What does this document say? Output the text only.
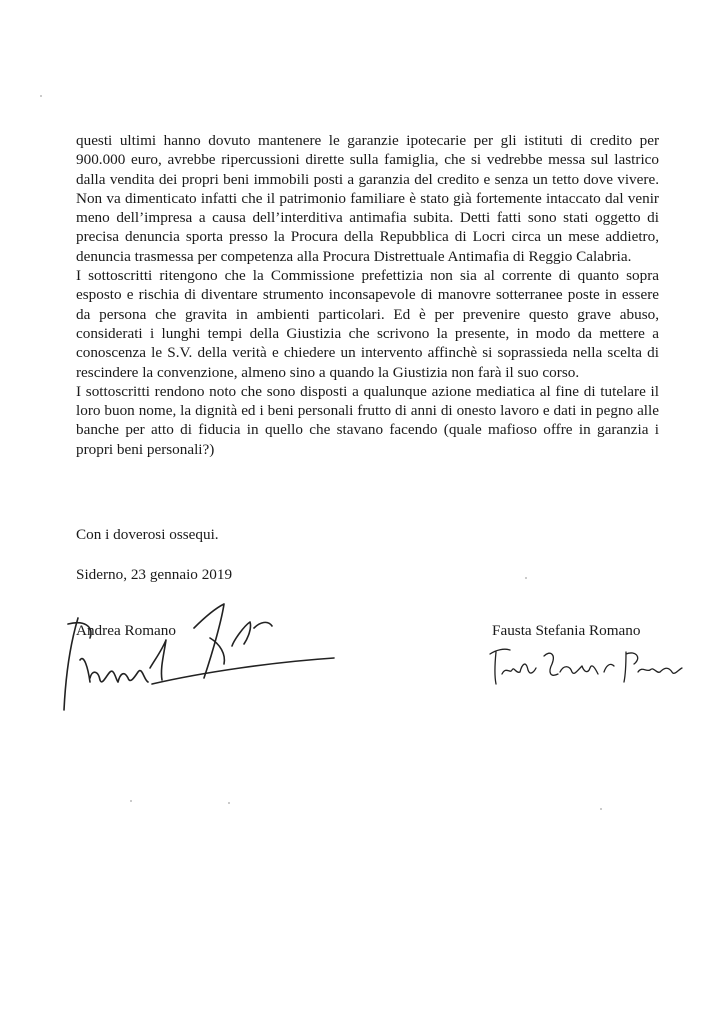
questi ultimi hanno dovuto mantenere le garanzie ipotecarie per gli istituti di credito per 900.000 euro, avrebbe ripercussioni dirette sulla famiglia, che si vedrebbe messa sul lastrico dalla vendita dei propri beni immobili posti a garanzia del credito e senza un tetto dove vivere. Non va dimenticato infatti che il patrimonio familiare è stato già fortemente intaccato dal venir meno dell’impresa a causa dell’interditiva antimafia subita. Detti fatti sono stati oggetto di precisa denuncia sporta presso la Procura della Repubblica di Locri circa un mese addietro, denuncia trasmessa per competenza alla Procura Distrettuale Antimafia di Reggio Calabria.

I sottoscritti ritengono che la Commissione prefettizia non sia al corrente di quanto sopra esposto e rischia di diventare strumento inconsapevole di manovre sotterranee poste in essere da persona che gravita in ambienti particolari. Ed è per prevenire questo grave abuso, considerati i lunghi tempi della Giustizia che scrivono la presente, in modo da mettere a conoscenza le S.V. della verità e chiedere un intervento affinchè si soprassieda nella scelta di rescindere la convenzione, almeno sino a quando la Giustizia non farà il suo corso.

I sottoscritti rendono noto che sono disposti a qualunque azione mediatica al fine di tutelare il loro buon nome, la dignità ed i beni personali frutto di anni di onesto lavoro e dati in pegno alle banche per atto di fiducia in quello che stavano facendo (quale mafioso offre in garanzia i propri beni personali?)

Con i doverosi ossequi.

Siderno, 23 gennaio 2019

Andrea Romano	Fausta Stefania Romano
